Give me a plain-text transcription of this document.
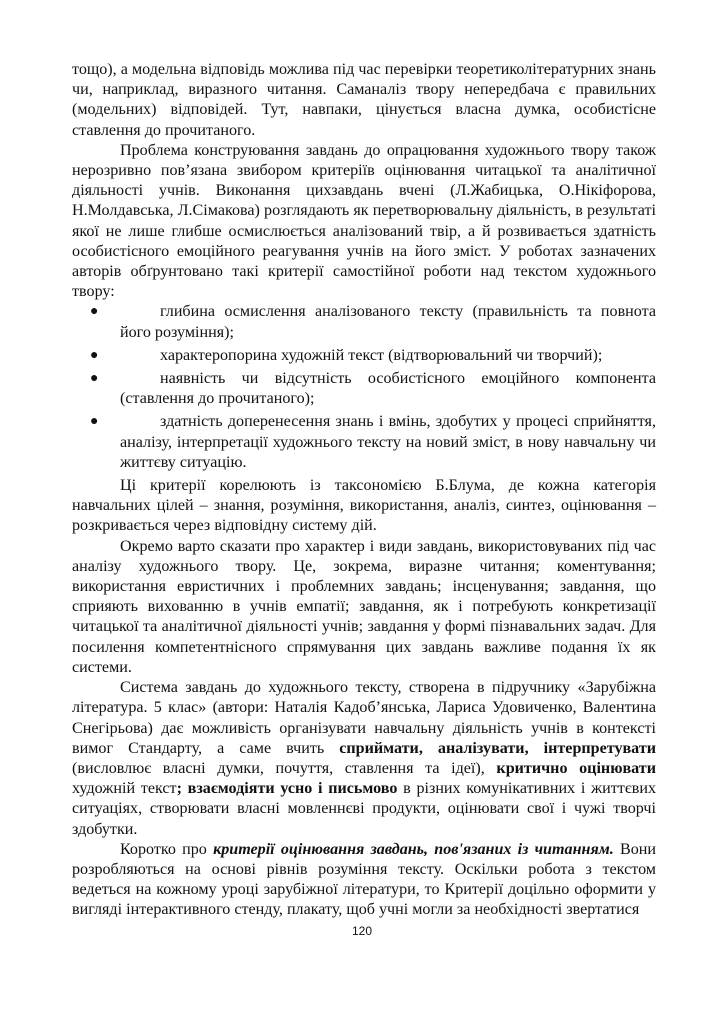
тощо), а модельна відповідь можлива під час перевірки теоретиколітературних знань чи, наприклад, виразного читання. Саманаліз твору непередбача є правильних (модельних) відповідей. Тут, навпаки, цінується власна думка, особистісне ставлення до прочитаного.

Проблема конструювання завдань до опрацювання художнього твору також нерозривно пов’язана звибором критеріїв оцінювання читацької та аналітичної діяльності учнів. Виконання цихзавдань вчені (Л.Жабицька, О.Нікіфорова, Н.Молдавська, Л.Сімакова) розглядають як перетворювальну діяльність, в результаті якої не лише глибше осмислюється аналізований твір, а й розвивається здатність особистісного емоційного реагування учнів на його зміст. У роботах зазначених авторів обґрунтовано такі критерії самостійної роботи над текстом художнього твору:

●	глибина осмислення аналізованого тексту (правильність та повнота його розуміння);
●	характеропорина художній текст (відтворювальний чи творчий);
●	наявність чи відсутність особистісного емоційного компонента (ставлення до прочитаного);
●	здатність доперенесення знань і вмінь, здобутих у процесі сприйняття, аналізу, інтерпретації художнього тексту на новий зміст, в нову навчальну чи життєву ситуацію.

Ці критерії корелюють із таксономією Б.Блума, де кожна категорія навчальних цілей – знання, розуміння, використання, аналіз, синтез, оцінювання – розкривається через відповідну систему дій.

Окремо варто сказати про характер і види завдань, використовуваних під час аналізу художнього твору. Це, зокрема, виразне читання; коментування; використання евристичних і проблемних завдань; інсценування; завдання, що сприяють вихованню в учнів емпатії; завдання, як і потребують конкретизації читацької та аналітичної діяльності учнів; завдання у формі пізнавальних задач. Для посилення компетентнісного спрямування цих завдань важливе подання їх як системи.

Система завдань до художнього тексту, створена в підручнику «Зарубіжна література. 5 клас» (автори: Наталія Кадоб’янська, Лариса Удовиченко, Валентина Снегірьова) дає можливість організувати навчальну діяльність учнів в контексті вимог Стандарту, а саме вчить сприймати, аналізувати, інтерпретувати (висловлює власні думки, почуття, ставлення та ідеї), критично оцінювати художній текст; взаємодіяти усно і письмово в різних комунікативних і життєвих ситуаціях, створювати власні мовленнєві продукти, оцінювати свої і чужі творчі здобутки.

Коротко про критерії оцінювання завдань, пов'язаних із читанням. Вони розробляються на основі рівнів розуміння тексту. Оскільки робота з текстом ведеться на кожному уроці зарубіжної літератури, то Критерії доцільно оформити у вигляді інтерактивного стенду, плакату, щоб учні могли за необхідності звертатися

120
